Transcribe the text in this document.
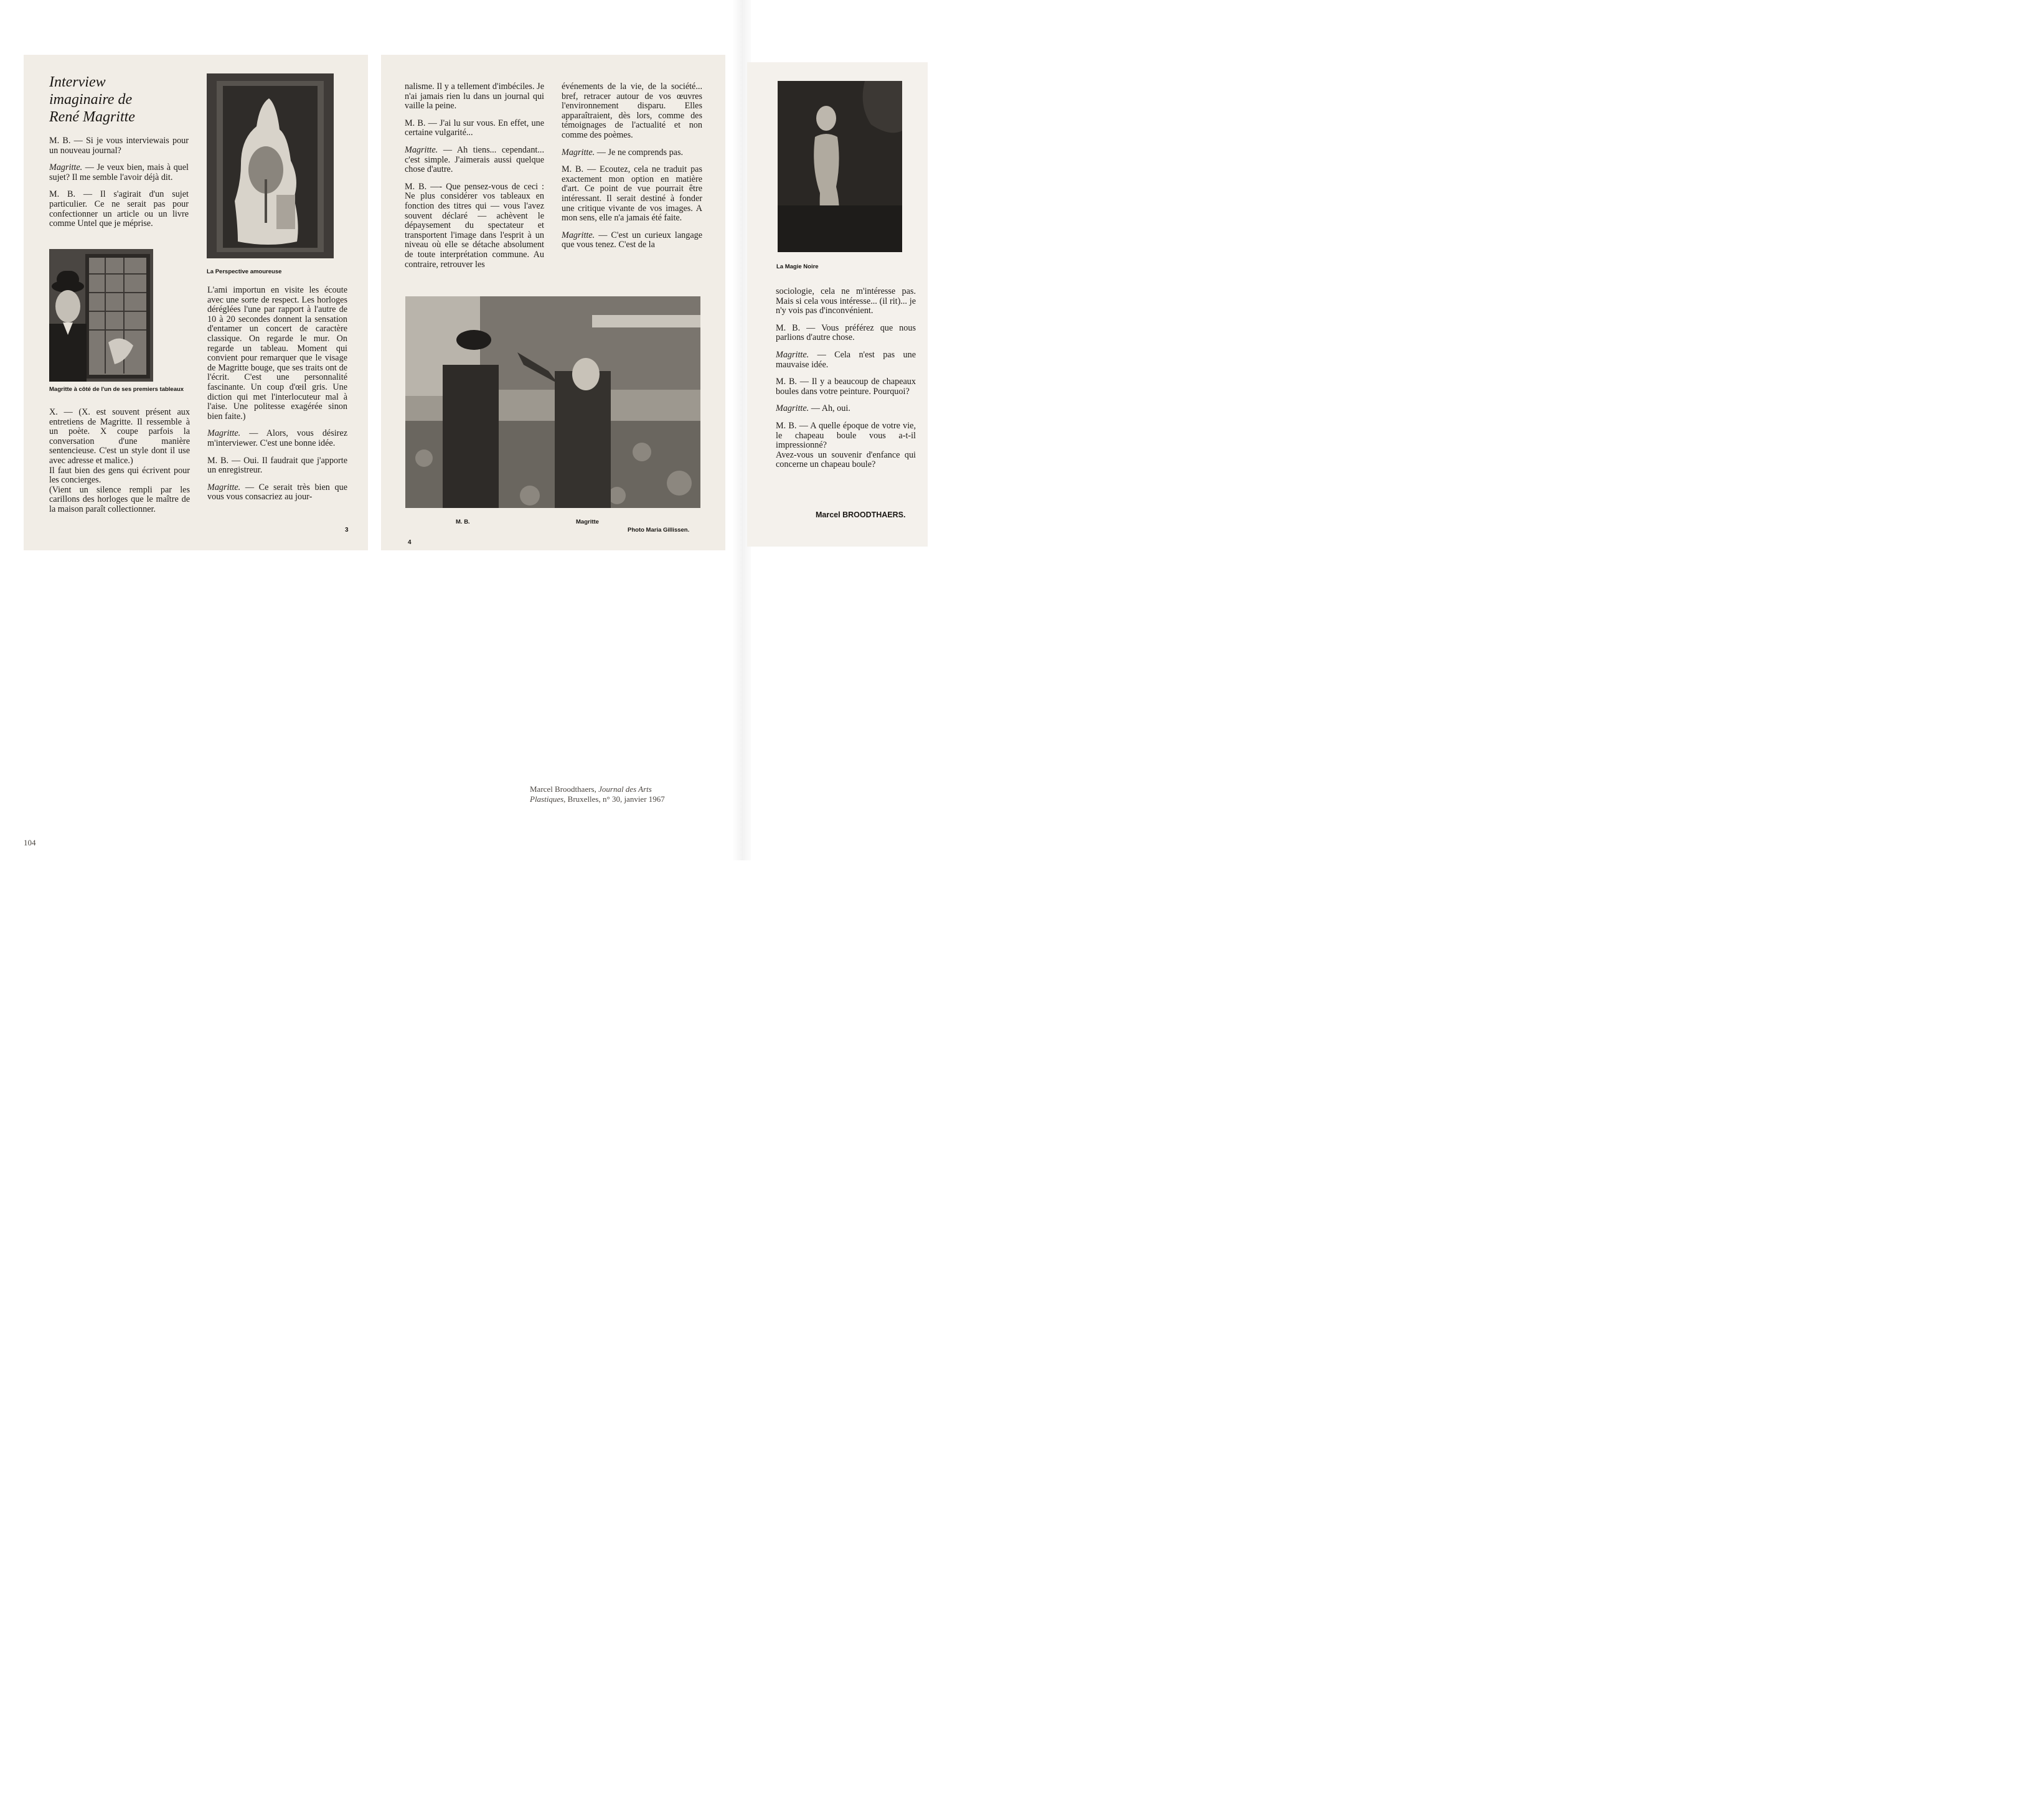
Interview
imaginaire de
René Magritte

M. B. — Si je vous interviewais pour un nouveau journal?

Magritte. — Je veux bien, mais à quel sujet? Il me semble l'avoir déjà dit.

M. B. — Il s'agirait d'un sujet particulier. Ce ne serait pas pour confectionner un article ou un livre comme Untel que je méprise.

Magritte à côté de l'un de ses premiers tableaux

X. — (X. est souvent présent aux entretiens de Magritte. Il ressemble à un poète. X coupe parfois la conversation d'une manière sentencieuse. C'est un style dont il use avec adresse et malice.)

Il faut bien des gens qui écrivent pour les concierges.

(Vient un silence rempli par les carillons des horloges que le maître de la maison paraît collectionner.

La Perspective amoureuse

L'ami importun en visite les écoute avec une sorte de respect. Les horloges déréglées l'une par rapport à l'autre de 10 à 20 secondes donnent la sensation d'entamer un concert de caractère classique. On regarde le mur. On regarde un tableau. Moment qui convient pour remarquer que le visage de Magritte bouge, que ses traits ont de l'écrit. C'est une personnalité fascinante. Un coup d'œil gris. Une diction qui met l'interlocuteur mal à l'aise. Une politesse exagérée sinon bien faite.)

Magritte. — Alors, vous désirez m'interviewer. C'est une bonne idée.

M. B. — Oui. Il faudrait que j'apporte un enregistreur.

Magritte. — Ce serait très bien que vous vous consacriez au jour-

3

nalisme. Il y a tellement d'imbéciles. Je n'ai jamais rien lu dans un journal qui vaille la peine.

M. B. — J'ai lu sur vous. En effet, une certaine vulgarité...

Magritte. — Ah tiens... cependant... c'est simple. J'aimerais aussi quelque chose d'autre.

M. B. —- Que pensez-vous de ceci : Ne plus considérer vos tableaux en fonction des titres qui — vous l'avez souvent déclaré — achèvent le dépaysement du spectateur et transportent l'image dans l'esprit à un niveau où elle se détache absolument de toute interprétation commune. Au contraire, retrouver les

événements de la vie, de la société... bref, retracer autour de vos œuvres l'environnement disparu. Elles apparaîtraient, dès lors, comme des témoignages de l'actualité et non comme des poèmes.

Magritte. — Je ne comprends pas.

M. B. — Ecoutez, cela ne traduit pas exactement mon option en matière d'art. Ce point de vue pourrait être intéressant. Il serait destiné à fonder une critique vivante de vos images. A mon sens, elle n'a jamais été faite.

Magritte. — C'est un curieux langage que vous tenez. C'est de la

M. B.	Magritte
Photo Maria Gillissen.
4
La Magie Noire

sociologie, cela ne m'intéresse pas. Mais si cela vous intéresse... (il rit)... je n'y vois pas d'inconvénient.

M. B. — Vous préférez que nous parlions d'autre chose.

Magritte. — Cela n'est pas une mauvaise idée.

M. B. — Il y a beaucoup de chapeaux boules dans votre peinture. Pourquoi?

Magritte. — Ah, oui.

M. B. — A quelle époque de votre vie, le chapeau boule vous a-t-il impressionné?

Avez-vous un souvenir d'enfance qui concerne un chapeau boule?

Marcel BROODTHAERS.
Marcel Broodthaers, Journal des Arts Plastiques, Bruxelles, n° 30, janvier 1967
104
